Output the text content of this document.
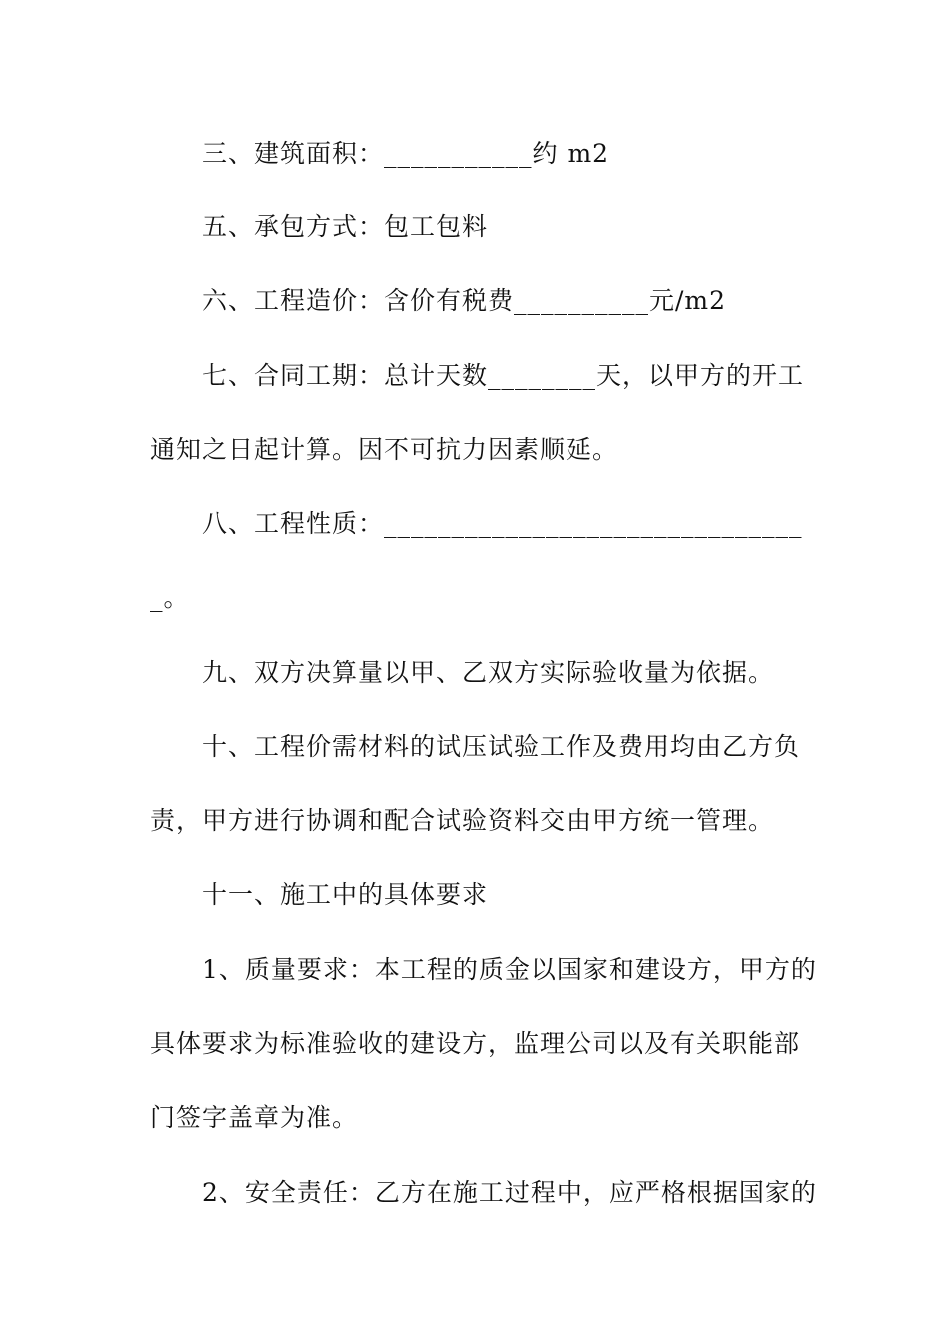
三、建筑面积：___________约 m2
五、承包方式：包工包料
六、工程造价：含价有税费__________元/m2
七、合同工期：总计天数________天，以甲方的开工
通知之日起计算。因不可抗力因素顺延。
八、工程性质：_______________________________
_。
九、双方决算量以甲、乙双方实际验收量为依据。
十、工程价需材料的试压试验工作及费用均由乙方负
责，甲方进行协调和配合试验资料交由甲方统一管理。
十一、施工中的具体要求
1、质量要求：本工程的质金以国家和建设方，甲方的
具体要求为标准验收的建设方，监理公司以及有关职能部
门签字盖章为准。
2、安全责任：乙方在施工过程中，应严格根据国家的
